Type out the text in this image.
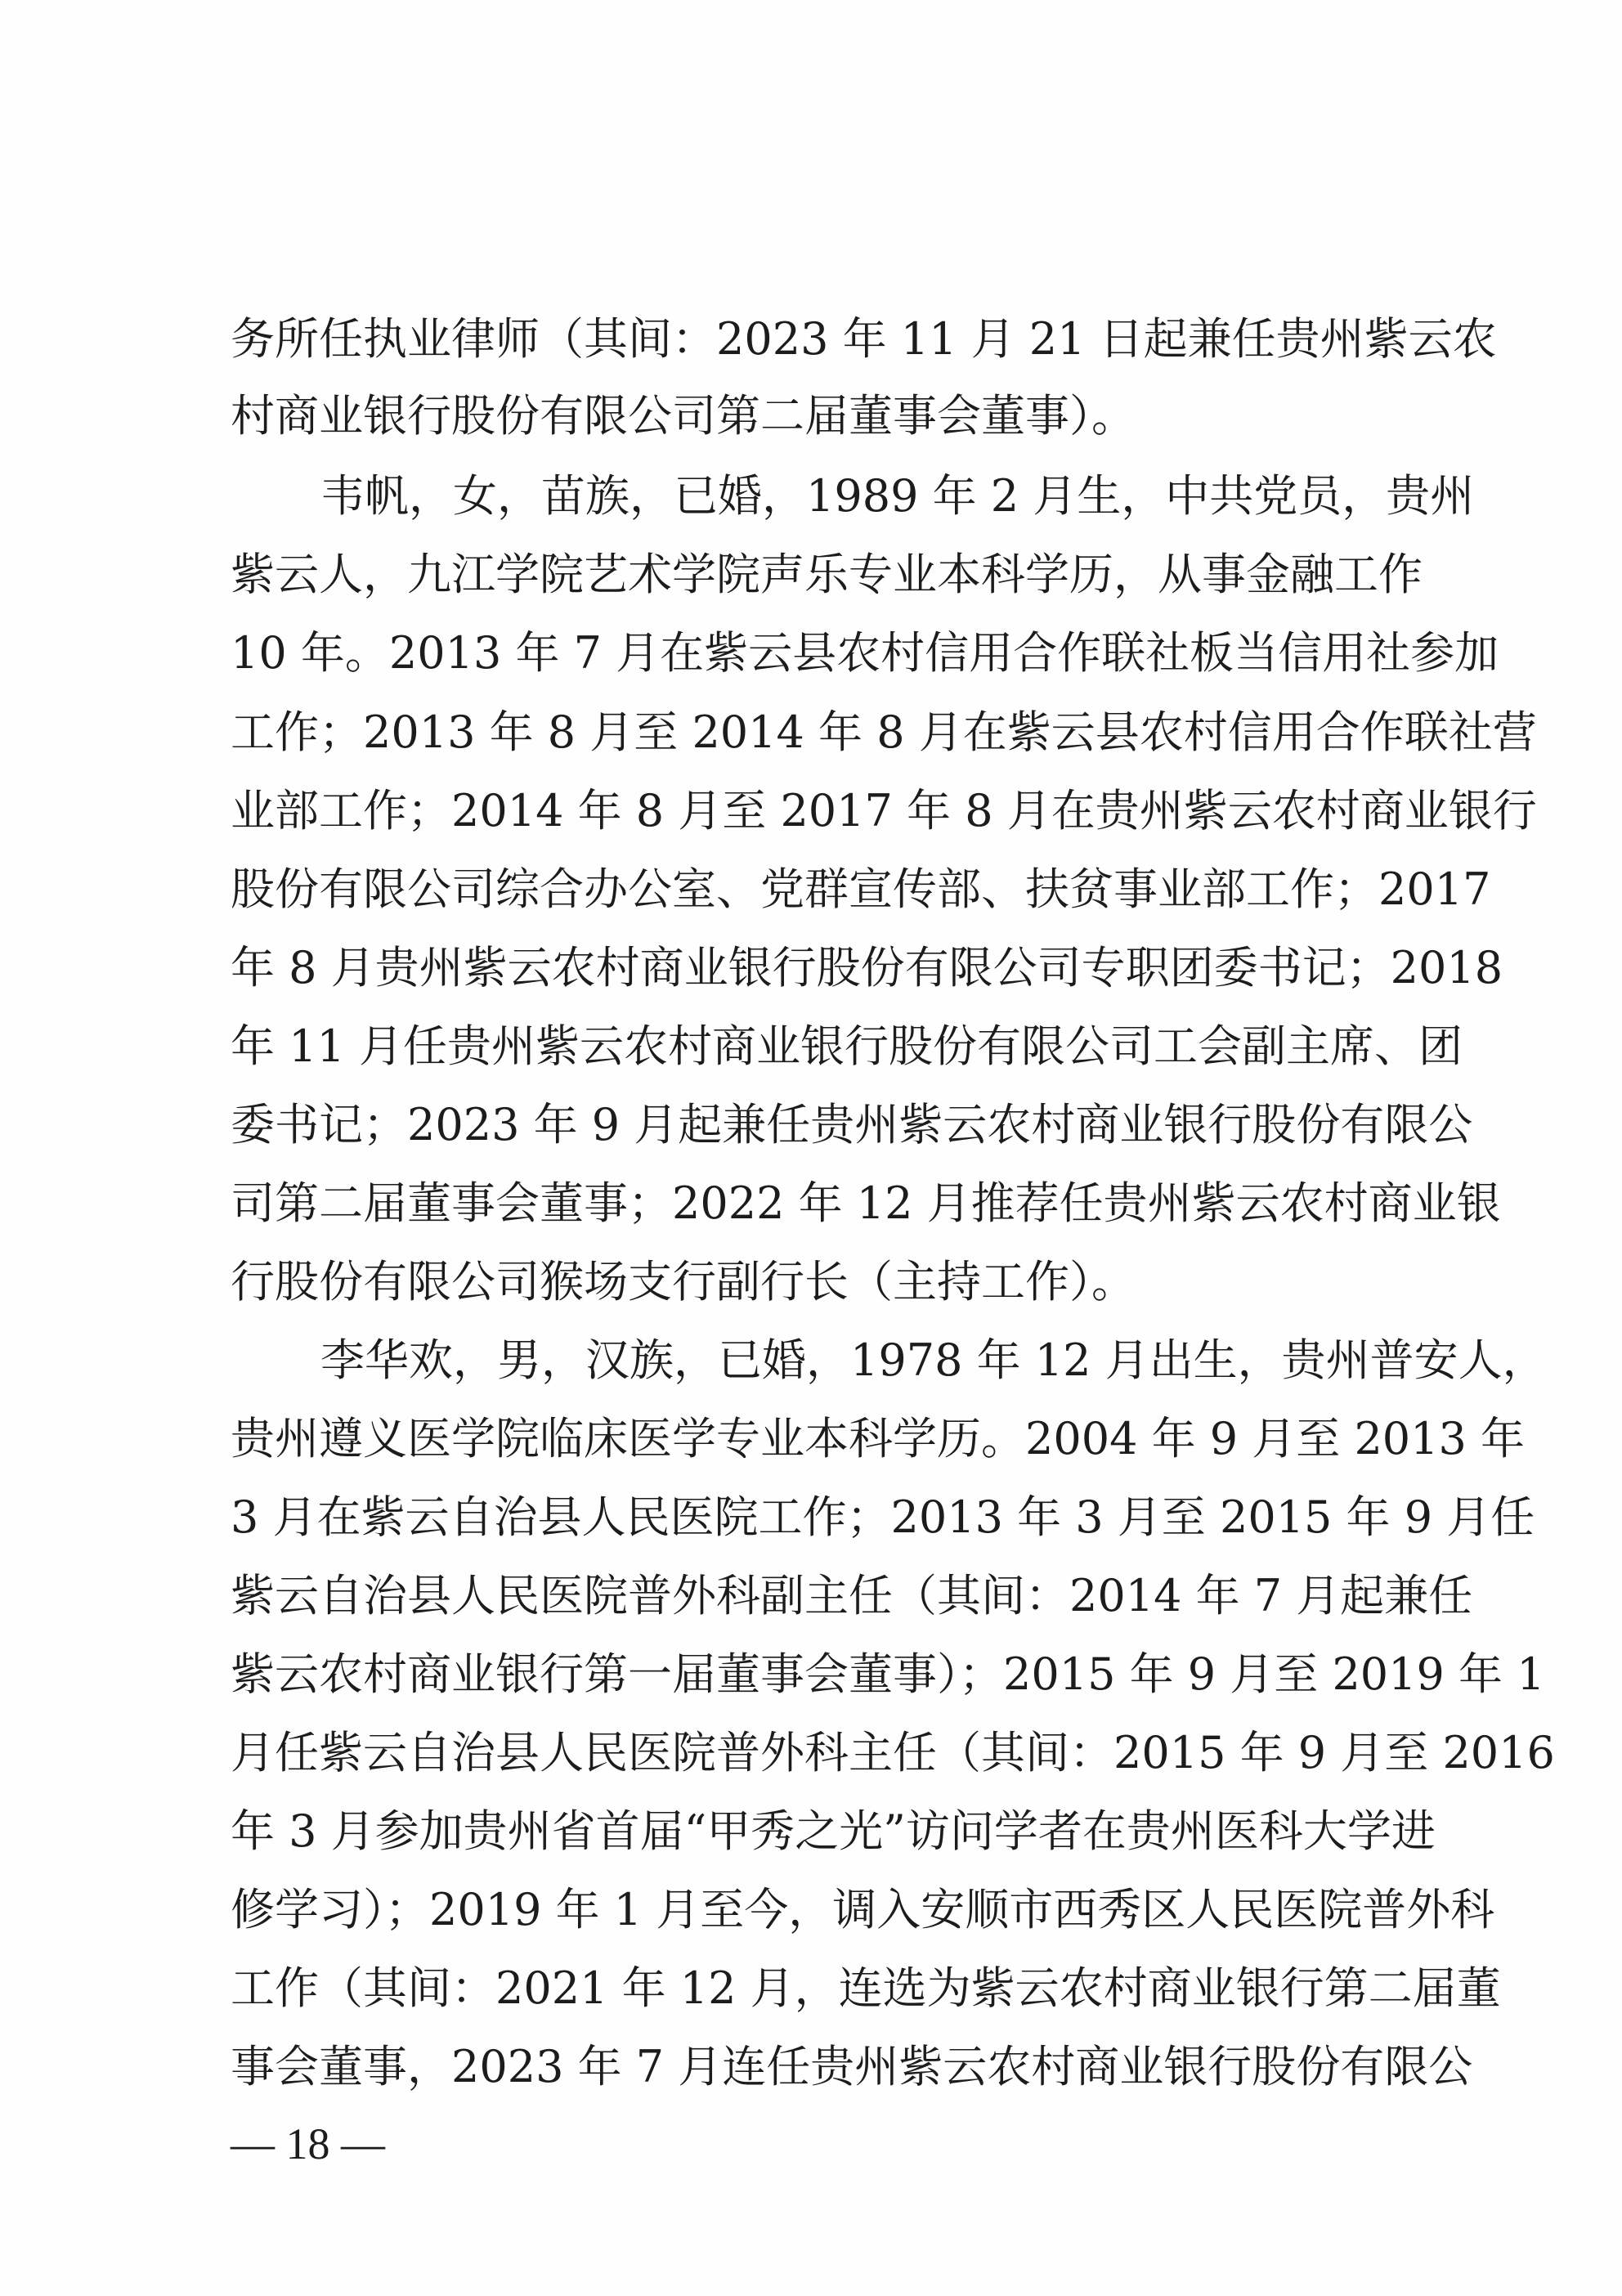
务所任执业律师（其间：2023 年 11 月 21 日起兼任贵州紫云农
村商业银行股份有限公司第二届董事会董事）。
韦帆，女，苗族，已婚，1989 年 2 月生，中共党员，贵州
紫云人，九江学院艺术学院声乐专业本科学历，从事金融工作
10 年。2013 年 7 月在紫云县农村信用合作联社板当信用社参加
工作；2013 年 8 月至 2014 年 8 月在紫云县农村信用合作联社营
业部工作；2014 年 8 月至 2017 年 8 月在贵州紫云农村商业银行
股份有限公司综合办公室、党群宣传部、扶贫事业部工作；2017
年 8 月贵州紫云农村商业银行股份有限公司专职团委书记；2018
年 11 月任贵州紫云农村商业银行股份有限公司工会副主席、团
委书记；2023 年 9 月起兼任贵州紫云农村商业银行股份有限公
司第二届董事会董事；2022 年 12 月推荐任贵州紫云农村商业银
行股份有限公司猴场支行副行长（主持工作）。
李华欢，男，汉族，已婚，1978 年 12 月出生，贵州普安人，
贵州遵义医学院临床医学专业本科学历。2004 年 9 月至 2013 年
3 月在紫云自治县人民医院工作；2013 年 3 月至 2015 年 9 月任
紫云自治县人民医院普外科副主任（其间：2014 年 7 月起兼任
紫云农村商业银行第一届董事会董事）；2015 年 9 月至 2019 年 1
月任紫云自治县人民医院普外科主任（其间：2015 年 9 月至 2016
年 3 月参加贵州省首届“甲秀之光”访问学者在贵州医科大学进
修学习）；2019 年 1 月至今，调入安顺市西秀区人民医院普外科
工作（其间：2021 年 12 月，连选为紫云农村商业银行第二届董
事会董事，2023 年 7 月连任贵州紫云农村商业银行股份有限公
— 18 —
